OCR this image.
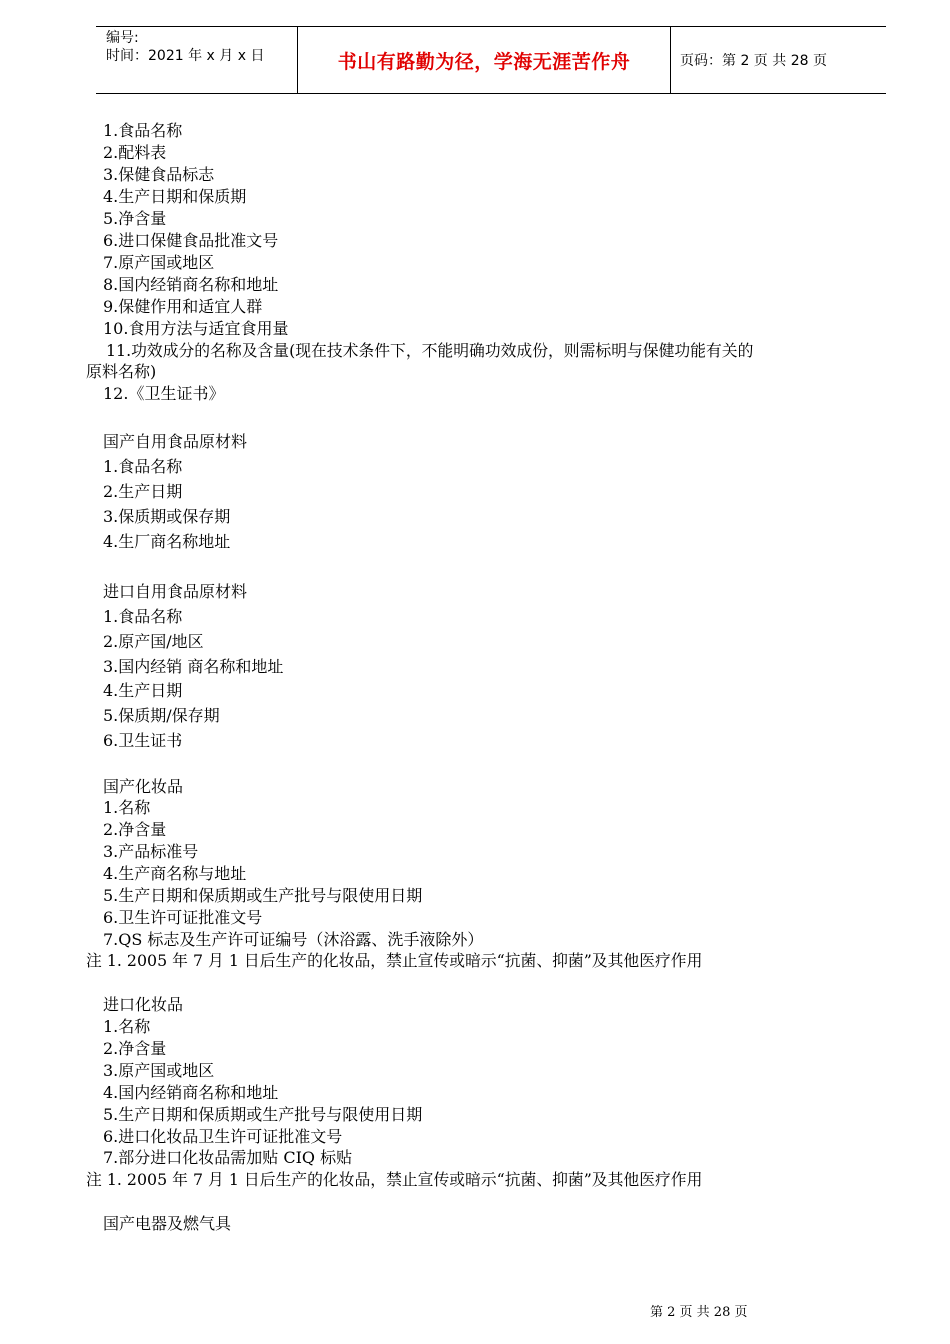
编号:
时间：2021 年 x 月 x 日	书山有路勤为径，学海无涯苦作舟	页码：第 2 页 共 28 页
1.食品名称
2.配料表
3.保健食品标志
4.生产日期和保质期
5.净含量
6.进口保健食品批准文号
7.原产国或地区
8.国内经销商名称和地址
9.保健作用和适宜人群
10.食用方法与适宜食用量
11.功效成分的名称及含量(现在技术条件下，不能明确功效成份，则需标明与保健功能有关的
原料名称)
12.《卫生证书》
国产自用食品原材料
1.食品名称
2.生产日期
3.保质期或保存期
4.生厂商名称地址
进口自用食品原材料
1.食品名称
2.原产国/地区
3.国内经销 商名称和地址
4.生产日期
5.保质期/保存期
6.卫生证书
国产化妆品
1.名称
2.净含量
3.产品标准号
4.生产商名称与地址
5.生产日期和保质期或生产批号与限使用日期
6.卫生许可证批准文号
7.QS 标志及生产许可证编号（沐浴露、洗手液除外）
注 1. 2005 年 7 月 1 日后生产的化妆品，禁止宣传或暗示“抗菌、抑菌”及其他医疗作用
进口化妆品
1.名称
2.净含量
3.原产国或地区
4.国内经销商名称和地址
5.生产日期和保质期或生产批号与限使用日期
6.进口化妆品卫生许可证批准文号
7.部分进口化妆品需加贴 CIQ 标贴
注 1. 2005 年 7 月 1 日后生产的化妆品，禁止宣传或暗示“抗菌、抑菌”及其他医疗作用
国产电器及燃气具
第 2 页 共 28 页
